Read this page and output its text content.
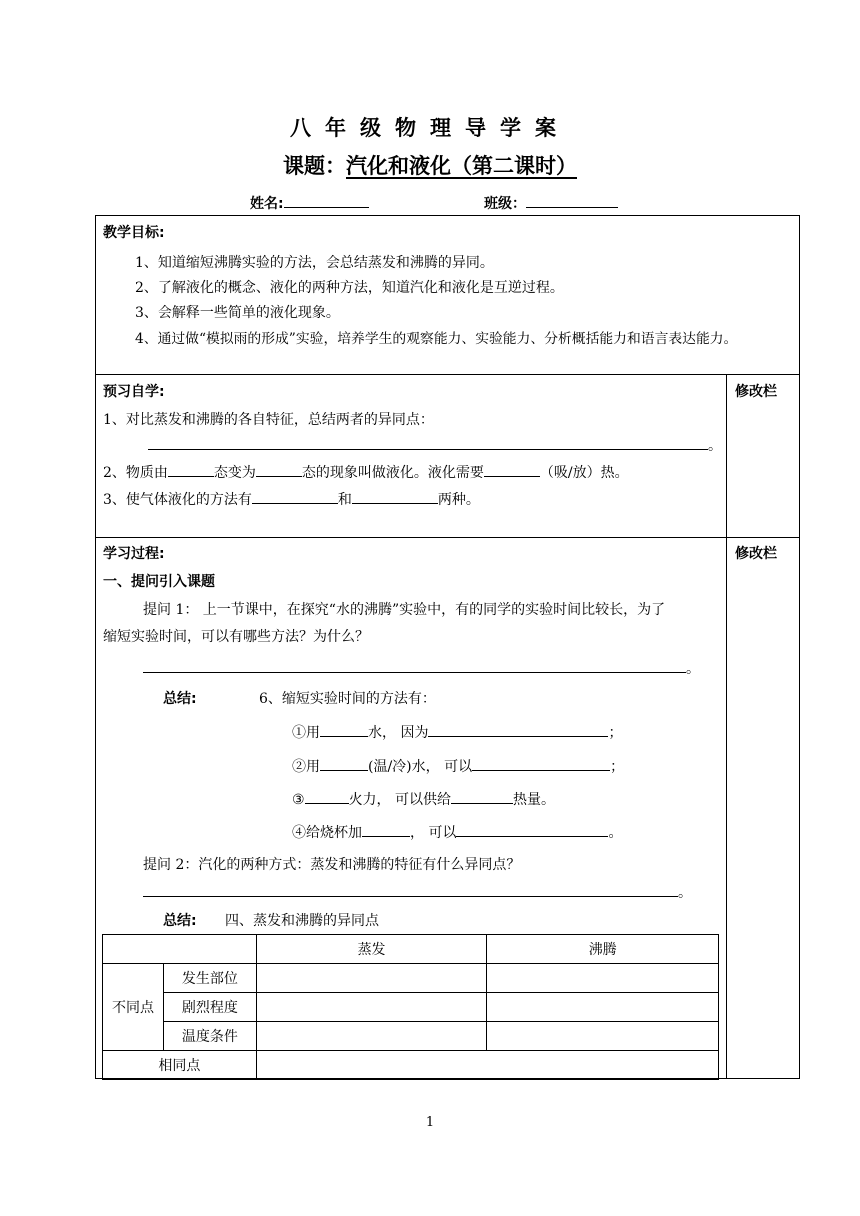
八年级物理导学案
课题：汽化和液化（第二课时）
姓名:	班级：
教学目标:
1、知道缩短沸腾实验的方法，会总结蒸发和沸腾的异同。
2、了解液化的概念、液化的两种方法，知道汽化和液化是互逆过程。
3、会解释一些简单的液化现象。
4、通过做“模拟雨的形成”实验，培养学生的观察能力、实验能力、分析概括能力和语言表达能力。
预习自学:	修改栏
1、对比蒸发和沸腾的各自特征，总结两者的异同点：
。
2、物质由	态变为	态的现象叫做液化。液化需要	（吸/放）热。
3、使气体液化的方法有	和	两种。
学习过程:	修改栏
一、提问引入课题
提问 1： 上一节课中，在探究“水的沸腾”实验中，有的同学的实验时间比较长，为了
缩短实验时间，可以有哪些方法？为什么？
。
总结:	6、缩短实验时间的方法有：
①用	水， 因为	；
②用	(温/冷)水， 可以	；
③	火力， 可以供给	热量。
④给烧杯加	， 可以	。
提问 2：汽化的两种方式：蒸发和沸腾的特征有什么异同点？
。
总结: 四、蒸发和沸腾的异同点
		蒸发	沸腾
不同点	发生部位		
	剧烈程度		
	温度条件		
相同点			
1
